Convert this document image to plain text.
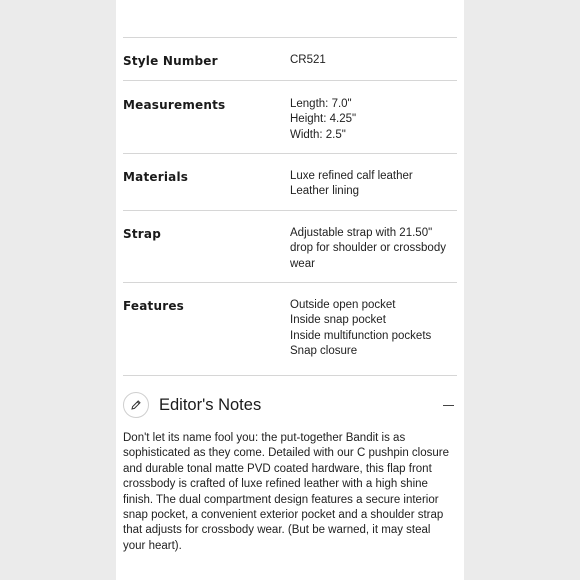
Style Number	CR521
Measurements	Length: 7.0"
Height: 4.25"
Width: 2.5"
Materials	Luxe refined calf leather
Leather lining
Strap	Adjustable strap with 21.50"
drop for shoulder or crossbody
wear
Features	Outside open pocket
Inside snap pocket
Inside multifunction pockets
Snap closure
Editor's Notes
Don't let its name fool you: the put-together Bandit is as
sophisticated as they come. Detailed with our C pushpin closure
and durable tonal matte PVD coated hardware, this flap front
crossbody is crafted of luxe refined leather with a high shine
finish. The dual compartment design features a secure interior
snap pocket, a convenient exterior pocket and a shoulder strap
that adjusts for crossbody wear. (But be warned, it may steal
your heart).
